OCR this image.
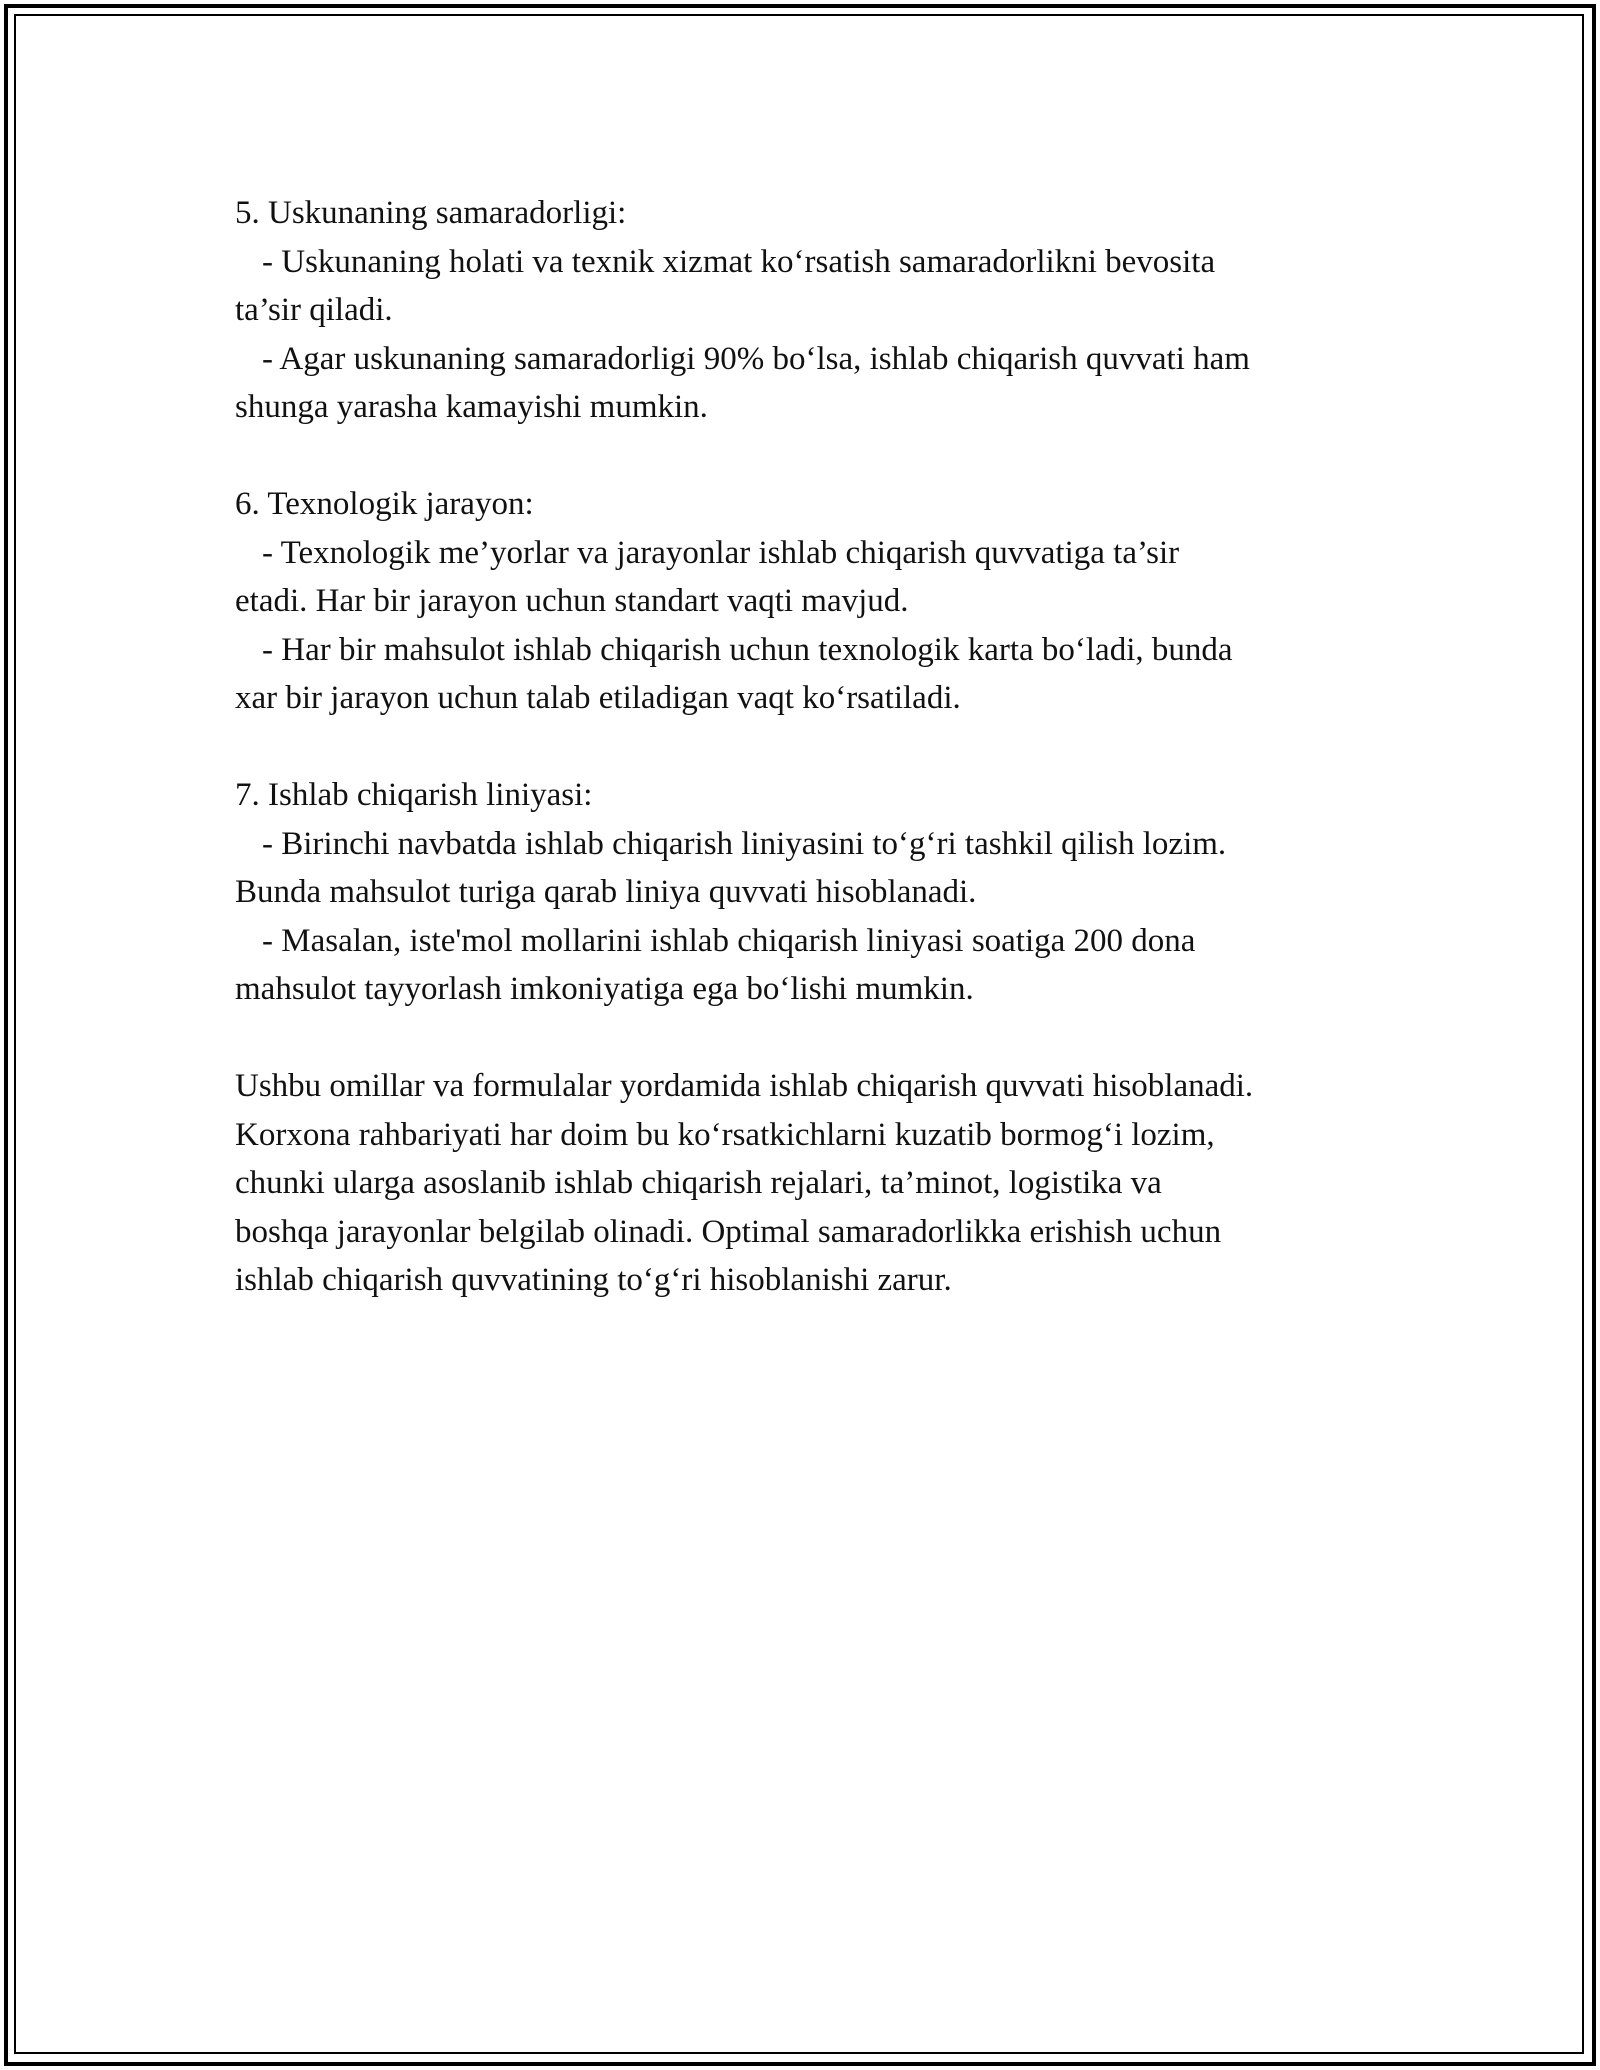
5. Uskunaning samaradorligi:
- Uskunaning holati va texnik xizmat ko‘rsatish samaradorlikni bevosita
ta’sir qiladi.
- Agar uskunaning samaradorligi 90% bo‘lsa, ishlab chiqarish quvvati ham
shunga yarasha kamayishi mumkin.
6. Texnologik jarayon:
- Texnologik me’yorlar va jarayonlar ishlab chiqarish quvvatiga ta’sir
etadi. Har bir jarayon uchun standart vaqti mavjud.
- Har bir mahsulot ishlab chiqarish uchun texnologik karta bo‘ladi, bunda
xar bir jarayon uchun talab etiladigan vaqt ko‘rsatiladi.
7. Ishlab chiqarish liniyasi:
- Birinchi navbatda ishlab chiqarish liniyasini to‘g‘ri tashkil qilish lozim.
Bunda mahsulot turiga qarab liniya quvvati hisoblanadi.
- Masalan, iste'mol mollarini ishlab chiqarish liniyasi soatiga 200 dona
mahsulot tayyorlash imkoniyatiga ega bo‘lishi mumkin.
Ushbu omillar va formulalar yordamida ishlab chiqarish quvvati hisoblanadi.
Korxona rahbariyati har doim bu ko‘rsatkichlarni kuzatib bormog‘i lozim,
chunki ularga asoslanib ishlab chiqarish rejalari, ta’minot, logistika va
boshqa jarayonlar belgilab olinadi. Optimal samaradorlikka erishish uchun
ishlab chiqarish quvvatining to‘g‘ri hisoblanishi zarur.
